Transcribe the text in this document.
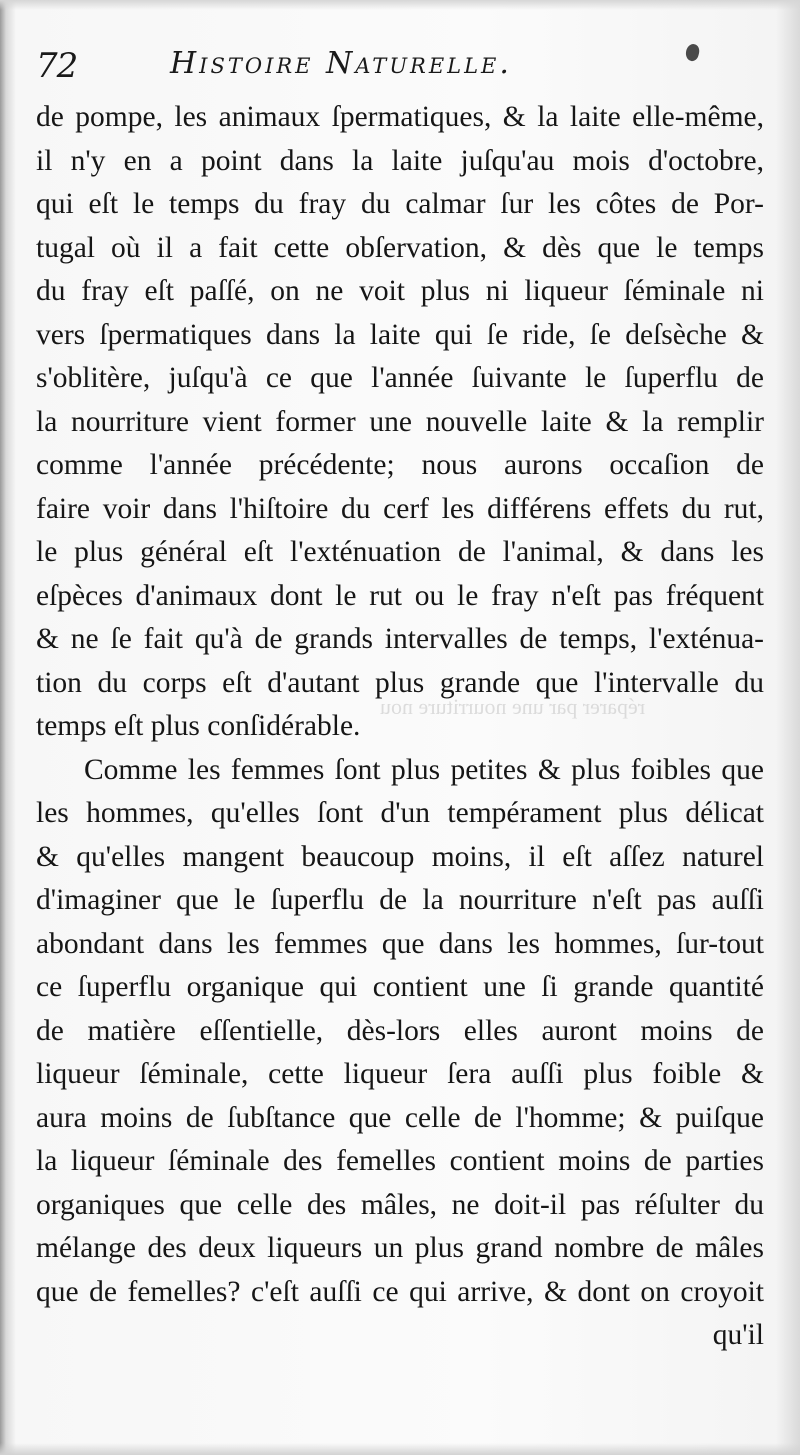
72	Histoire Naturelle.
réparer par une nourriture nou
de pompe, les animaux ſpermatiques, & la laite elle-même,
il n'y en a point dans la laite juſqu'au mois d'octobre,
qui eſt le temps du fray du calmar ſur les côtes de Por-
tugal où il a fait cette obſervation, & dès que le temps
du fray eſt paſſé, on ne voit plus ni liqueur ſéminale ni
vers ſpermatiques dans la laite qui ſe ride, ſe deſsèche &
s'oblitère, juſqu'à ce que l'année ſuivante le ſuperflu de
la nourriture vient former une nouvelle laite & la remplir
comme l'année précédente; nous aurons occaſion de
faire voir dans l'hiſtoire du cerf les différens effets du rut,
le plus général eſt l'exténuation de l'animal, & dans les
eſpèces d'animaux dont le rut ou le fray n'eſt pas fréquent
& ne ſe fait qu'à de grands intervalles de temps, l'exténua-
tion du corps eſt d'autant plus grande que l'intervalle du
temps eſt plus conſidérable.
Comme les femmes ſont plus petites & plus foibles que
les hommes, qu'elles ſont d'un tempérament plus délicat
& qu'elles mangent beaucoup moins, il eſt aſſez naturel
d'imaginer que le ſuperflu de la nourriture n'eſt pas auſſi
abondant dans les femmes que dans les hommes, ſur-tout
ce ſuperflu organique qui contient une ſi grande quantité
de matière eſſentielle, dès-lors elles auront moins de
liqueur ſéminale, cette liqueur ſera auſſi plus foible &
aura moins de ſubſtance que celle de l'homme; & puiſque
la liqueur ſéminale des femelles contient moins de parties
organiques que celle des mâles, ne doit-il pas réſulter du
mélange des deux liqueurs un plus grand nombre de mâles
que de femelles? c'eſt auſſi ce qui arrive, & dont on croyoit
qu'il
